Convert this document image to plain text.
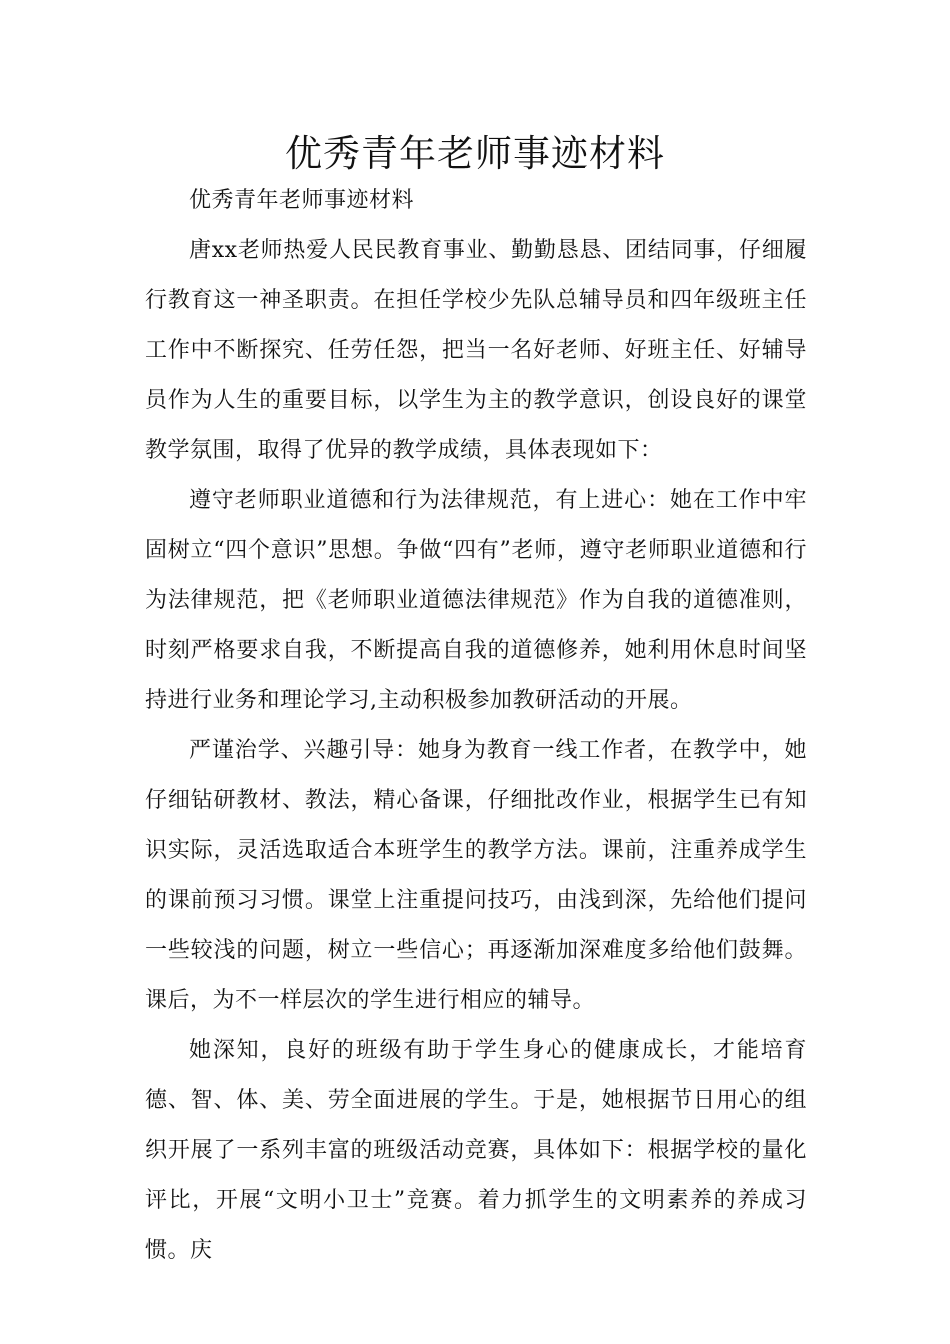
优秀青年老师事迹材料

优秀青年老师事迹材料

唐xx老师热爱人民民教育事业、勤勤恳恳、团结同事，仔细履行教育这一神圣职责。在担任学校少先队总辅导员和四年级班主任工作中不断探究、任劳任怨，把当一名好老师、好班主任、好辅导员作为人生的重要目标，以学生为主的教学意识，创设良好的课堂教学氛围，取得了优异的教学成绩，具体表现如下：

遵守老师职业道德和行为法律规范，有上进心：她在工作中牢固树立“四个意识”思想。争做“四有”老师，遵守老师职业道德和行为法律规范，把《老师职业道德法律规范》作为自我的道德准则，时刻严格要求自我，不断提高自我的道德修养，她利用休息时间坚持进行业务和理论学习,主动积极参加教研活动的开展。

严谨治学、兴趣引导：她身为教育一线工作者，在教学中，她仔细钻研教材、教法，精心备课，仔细批改作业，根据学生已有知识实际，灵活选取适合本班学生的教学方法。课前，注重养成学生的课前预习习惯。课堂上注重提问技巧，由浅到深，先给他们提问一些较浅的问题，树立一些信心；再逐渐加深难度多给他们鼓舞。课后，为不一样层次的学生进行相应的辅导。

她深知，良好的班级有助于学生身心的健康成长，才能培育德、智、体、美、劳全面进展的学生。于是，她根据节日用心的组织开展了一系列丰富的班级活动竞赛，具体如下：根据学校的量化评比，开展“文明小卫士”竞赛。着力抓学生的文明素养的养成习惯。庆
